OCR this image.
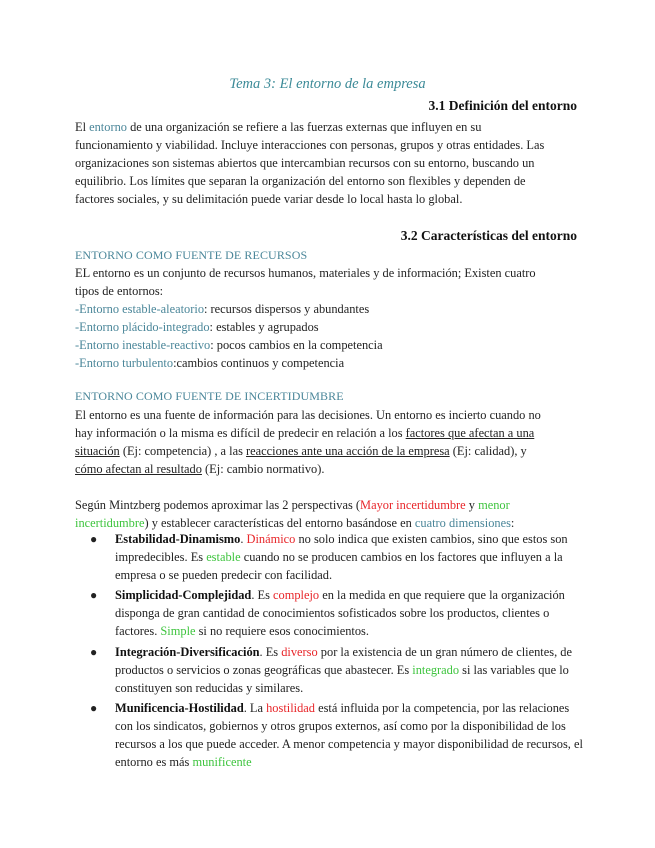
Tema 3: El entorno de la empresa
3.1 Definición del entorno
El entorno de una organización se refiere a las fuerzas externas que influyen en su
funcionamiento y viabilidad. Incluye interacciones con personas, grupos y otras entidades. Las
organizaciones son sistemas abiertos que intercambian recursos con su entorno, buscando un
equilibrio. Los límites que separan la organización del entorno son flexibles y dependen de
factores sociales, y su delimitación puede variar desde lo local hasta lo global.
3.2 Características del entorno
ENTORNO COMO FUENTE DE RECURSOS
EL entorno es un conjunto de recursos humanos, materiales y de información; Existen cuatro
tipos de entornos:
-Entorno estable-aleatorio: recursos dispersos y abundantes
-Entorno plácido-integrado: estables y agrupados
-Entorno inestable-reactivo: pocos cambios en la competencia
-Entorno turbulento:cambios continuos y competencia
ENTORNO COMO FUENTE DE INCERTIDUMBRE
El entorno es una fuente de información para las decisiones. Un entorno es incierto cuando no
hay información o la misma es difícil de predecir en relación a los factores que afectan a una
situación (Ej: competencia) , a las reacciones ante una acción de la empresa (Ej: calidad), y
cómo afectan al resultado (Ej: cambio normativo).
Según Mintzberg podemos aproximar las 2 perspectivas (Mayor incertidumbre y menor
incertidumbre) y establecer características del entorno basándose en cuatro dimensiones:
● Estabilidad-Dinamismo. Dinámico no solo indica que existen cambios, sino que estos son impredecibles. Es estable cuando no se producen cambios en los factores que influyen a la empresa o se pueden predecir con facilidad.
● Simplicidad-Complejidad. Es complejo en la medida en que requiere que la organización disponga de gran cantidad de conocimientos sofisticados sobre los productos, clientes o factores. Simple si no requiere esos conocimientos.
● Integración-Diversificación. Es diverso por la existencia de un gran número de clientes, de productos o servicios o zonas geográficas que abastecer. Es integrado si las variables que lo constituyen son reducidas y similares.
● Munificencia-Hostilidad. La hostilidad está influida por la competencia, por las relaciones con los sindicatos, gobiernos y otros grupos externos, así como por la disponibilidad de los recursos a los que puede acceder. A menor competencia y mayor disponibilidad de recursos, el entorno es más munificente
